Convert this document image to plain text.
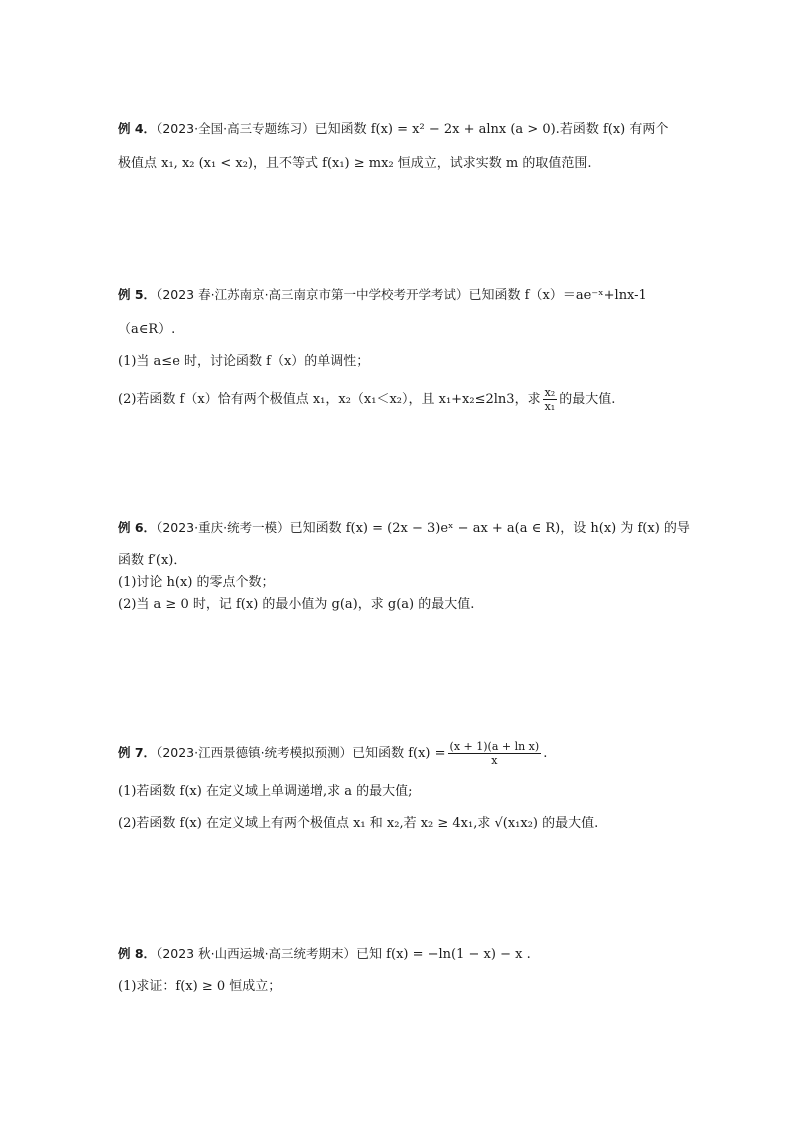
例 4．（2023·全国·高三专题练习）已知函数 f(x) = x² − 2x + alnx (a > 0).若函数 f(x) 有两个
极值点 x₁, x₂ (x₁ < x₂)，且不等式 f(x₁) ≥ mx₂ 恒成立，试求实数 m 的取值范围.
例 5．（2023 春·江苏南京·高三南京市第一中学校考开学考试）已知函数 f（x）＝ae⁻ˣ+lnx-1
（a∈R）.
(1)当 a≤e 时，讨论函数 f（x）的单调性；
(2)若函数 f（x）恰有两个极值点 x₁，x₂（x₁＜x₂），且 x₁+x₂≤2ln3，求 $\frac{\text{x₂}}{\text{x₁}}$ 的最大值.
例 6．（2023·重庆·统考一模）已知函数 f(x) = (2x − 3)eˣ − ax + a(a ∈ R)，设 h(x) 为 f(x) 的导
函数 f′(x)．
(1)讨论 h(x) 的零点个数；
(2)当 a ≥ 0 时，记 f(x) 的最小值为 g(a)，求 g(a) 的最大值.
例 7．（2023·江西景德镇·统考模拟预测）已知函数 $f(x) = \frac{\text{(x + 1)(a + ln x)}}{x}$ .
(1)若函数 f(x) 在定义域上单调递增,求 a 的最大值;
(2)若函数 f(x) 在定义域上有两个极值点 x₁ 和 x₂,若 x₂ ≥ 4x₁,求 √(x₁x₂) 的最大值.
例 8．（2023 秋·山西运城·高三统考期末）已知 f(x) = −ln(1 − x) − x .
(1)求证：f(x) ≥ 0 恒成立；
